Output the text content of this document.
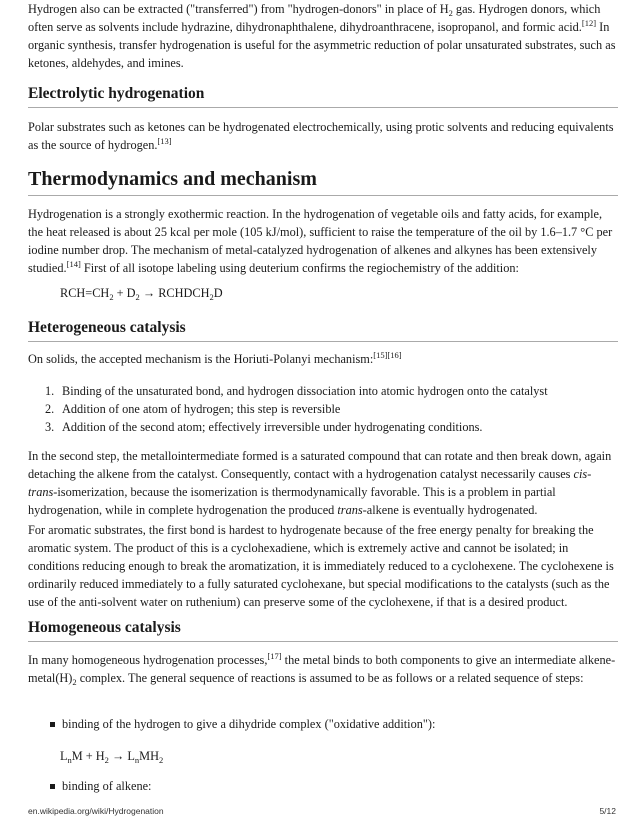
Hydrogen also can be extracted ("transferred") from "hydrogen-donors" in place of $H_2$ gas. Hydrogen donors, which often serve as solvents include hydrazine, dihydronaphthalene, dihydroanthracene, isopropanol, and formic acid.[12] In organic synthesis, transfer hydrogenation is useful for the asymmetric reduction of polar unsaturated substrates, such as ketones, aldehydes, and imines.

Electrolytic hydrogenation

Polar substrates such as ketones can be hydrogenated electrochemically, using protic solvents and reducing equivalents as the source of hydrogen.[13]

Thermodynamics and mechanism

Hydrogenation is a strongly exothermic reaction. In the hydrogenation of vegetable oils and fatty acids, for example, the heat released is about 25 kcal per mole (105 kJ/mol), sufficient to raise the temperature of the oil by 1.6–1.7 °C per iodine number drop. The mechanism of metal-catalyzed hydrogenation of alkenes and alkynes has been extensively studied.[14] First of all isotope labeling using deuterium confirms the regiochemistry of the addition:

$RCH=CH_2 + D_2$ → $RCHDCH_2D$
Heterogeneous catalysis

On solids, the accepted mechanism is the Horiuti-Polanyi mechanism:[15][16]

1. Binding of the unsaturated bond, and hydrogen dissociation into atomic hydrogen onto the catalyst
2. Addition of one atom of hydrogen; this step is reversible
3. Addition of the second atom; effectively irreversible under hydrogenating conditions.

In the second step, the metallointermediate formed is a saturated compound that can rotate and then break down, again detaching the alkene from the catalyst. Consequently, contact with a hydrogenation catalyst necessarily causes cis-trans-isomerization, because the isomerization is thermodynamically favorable. This is a problem in partial hydrogenation, while in complete hydrogenation the produced trans-alkene is eventually hydrogenated.

For aromatic substrates, the first bond is hardest to hydrogenate because of the free energy penalty for breaking the aromatic system. The product of this is a cyclohexadiene, which is extremely active and cannot be isolated; in conditions reducing enough to break the aromatization, it is immediately reduced to a cyclohexene. The cyclohexene is ordinarily reduced immediately to a fully saturated cyclohexane, but special modifications to the catalysts (such as the use of the anti-solvent water on ruthenium) can preserve some of the cyclohexene, if that is a desired product.

Homogeneous catalysis

In many homogeneous hydrogenation processes,[17] the metal binds to both components to give an intermediate alkene-$metal(H)_2$ complex. The general sequence of reactions is assumed to be as follows or a related sequence of steps:

binding of the hydrogen to give a dihydride complex ("oxidative addition"):
$L_nM + H_2 \to L_nMH_2$
binding of alkene:
en.wikipedia.org/wiki/Hydrogenation	5/12
